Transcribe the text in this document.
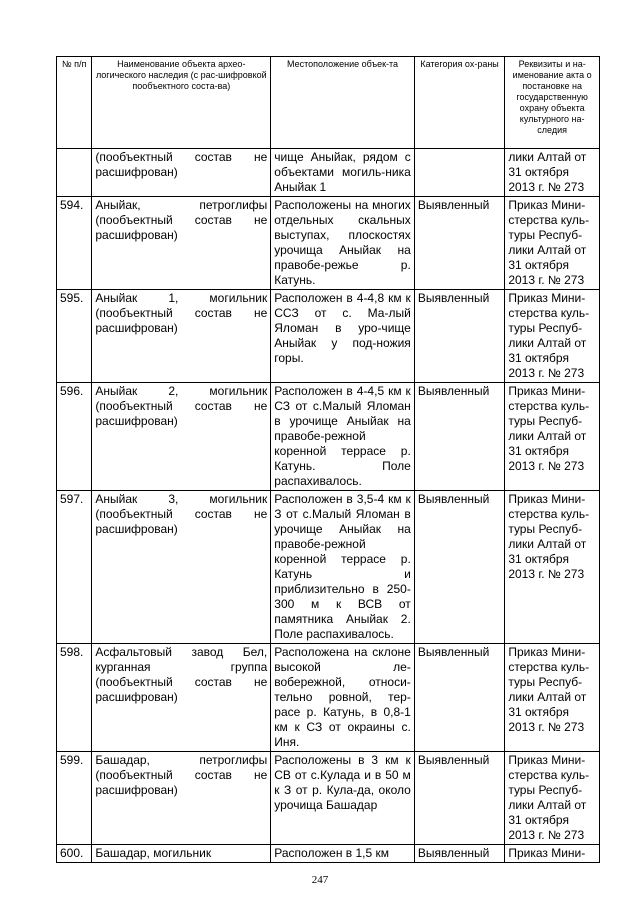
№ п/п	Наименование объекта архео-логического наследия (с рас-шифровкой пообъектного соста-ва)	Местоположение объек-та	Категория ох-раны	Реквизиты и на-именование акта о постановке на государственную охрану объекта культурного на-следия
	(пообъектный состав не расшифрован)	чище Аныйак, рядом с объектами могиль-ника Аныйак 1		лики Алтай от 31 октября 2013 г. № 273
594.	Аныйак, петроглифы (пообъектный состав не расшифрован)	Расположены на многих отдельных скальных выступах, плоскостях урочища Аныйак на правобе-режье р. Катунь.	Выявленный	Приказ Мини-стерства куль-туры Респуб-лики Алтай от 31 октября 2013 г. № 273
595.	Аныйак 1, могильник (пообъектный состав не расшифрован)	Расположен в 4-4,8 км к ССЗ от с. Ма-лый Яломан в уро-чище Аныйак у под-ножия горы.	Выявленный	Приказ Мини-стерства куль-туры Респуб-лики Алтай от 31 октября 2013 г. № 273
596.	Аныйак 2, могильник (пообъектный состав не расшифрован)	Расположен в 4-4,5 км к СЗ от с.Малый Яломан в урочище Аныйак на правобе-режной коренной террасе р. Катунь. Поле распахивалось.	Выявленный	Приказ Мини-стерства куль-туры Респуб-лики Алтай от 31 октября 2013 г. № 273
597.	Аныйак 3, могильник (пообъектный состав не расшифрован)	Расположен в 3,5-4 км к З от с.Малый Яломан в урочище Аныйак на правобе-режной коренной террасе р. Катунь и приблизительно в 250-300 м к ВСВ от памятника Аныйак 2. Поле распахивалось.	Выявленный	Приказ Мини-стерства куль-туры Респуб-лики Алтай от 31 октября 2013 г. № 273
598.	Асфальтовый завод Бел, курганная группа (пообъектный состав не расшифрован)	Расположена на склоне высокой ле-вобережной, относи-тельно ровной, тер-расе р. Катунь, в 0,8-1 км к СЗ от окраины с. Иня.	Выявленный	Приказ Мини-стерства куль-туры Респуб-лики Алтай от 31 октября 2013 г. № 273
599.	Башадар, петроглифы (пообъектный состав не расшифрован)	Расположены в 3 км к СВ от с.Кулада и в 50 м к З от р. Кула-да, около урочища Башадар	Выявленный	Приказ Мини-стерства куль-туры Респуб-лики Алтай от 31 октября 2013 г. № 273
600.	Башадар, могильник	Расположен в 1,5 км	Выявленный	Приказ Мини-
247
